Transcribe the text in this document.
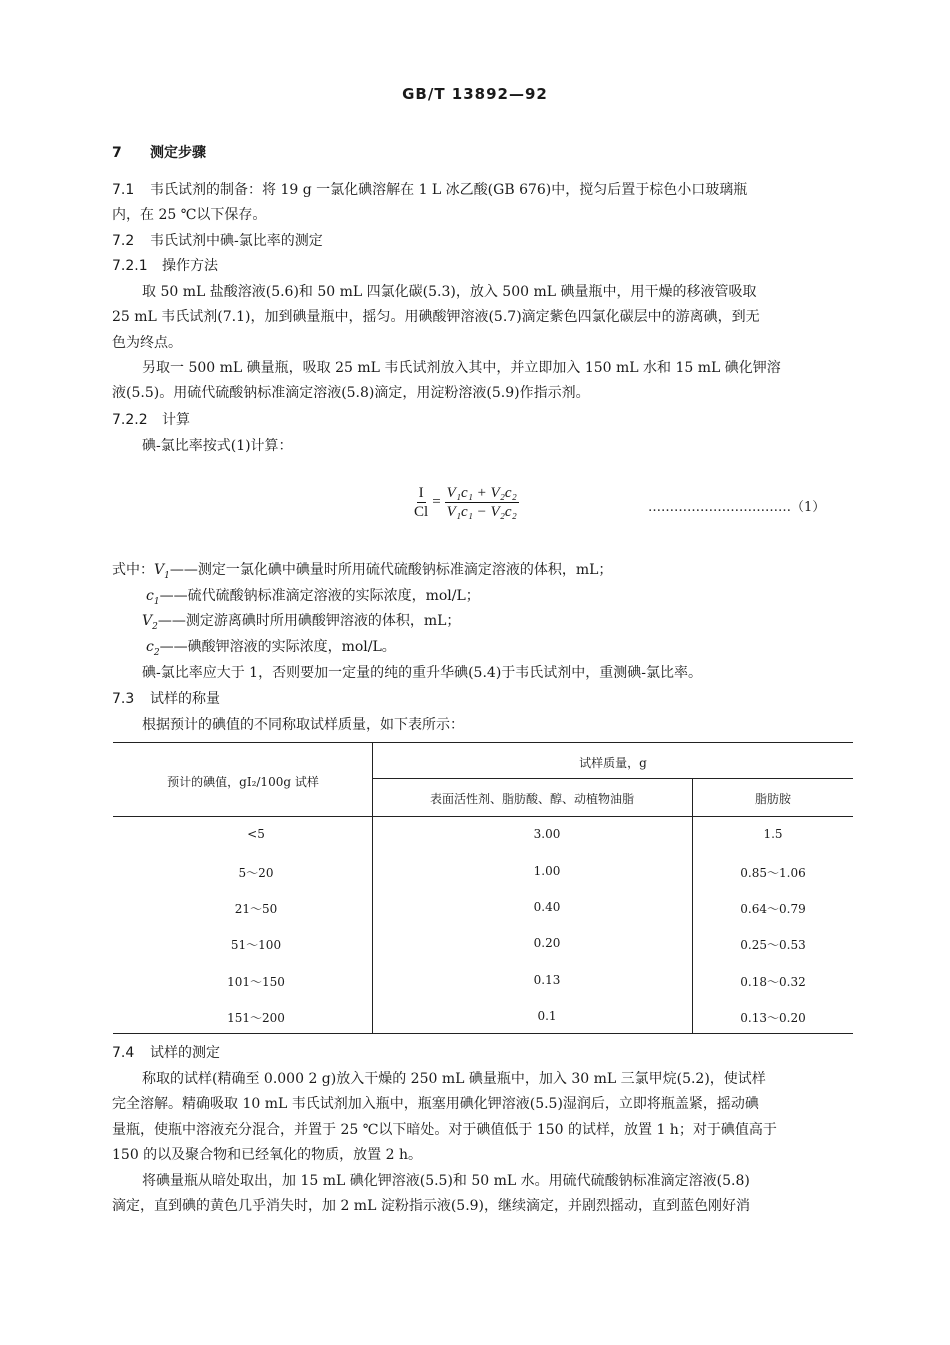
GB/T 13892—92
7 测定步骤
7.1 韦氏试剂的制备：将 19 g 一氯化碘溶解在 1 L 冰乙酸(GB 676)中，搅匀后置于棕色小口玻璃瓶
内，在 25 ℃以下保存。
7.2 韦氏试剂中碘-氯比率的测定
7.2.1 操作方法
取 50 mL 盐酸溶液(5.6)和 50 mL 四氯化碳(5.3)，放入 500 mL 碘量瓶中，用干燥的移液管吸取
25 mL 韦氏试剂(7.1)，加到碘量瓶中，摇匀。用碘酸钾溶液(5.7)滴定紫色四氯化碳层中的游离碘，到无
色为终点。
另取一 500 mL 碘量瓶，吸取 25 mL 韦氏试剂放入其中，并立即加入 150 mL 水和 15 mL 碘化钾溶
液(5.5)。用硫代硫酸钠标准滴定溶液(5.8)滴定，用淀粉溶液(5.9)作指示剂。
7.2.2 计算
碘-氯比率按式(1)计算：
$\frac{I}{Cl} = \frac{\text{V₁c₁ + V₂c₂}}{\text{V₁c₁ − V₂c₂}}$	……………………………（1）
式中：$V_1——$测定一氯化碘中碘量时所用硫代硫酸钠标准滴定溶液的体积，mL；
$c_1——$硫代硫酸钠标准滴定溶液的实际浓度，mol/L；
$V_2——$测定游离碘时所用碘酸钾溶液的体积，mL；
$c_2——$碘酸钾溶液的实际浓度，mol/L。
碘-氯比率应大于 1，否则要加一定量的纯的重升华碘(5.4)于韦氏试剂中，重测碘-氯比率。
7.3 试样的称量
根据预计的碘值的不同称取试样质量，如下表所示：
预计的碘值，gI₂/100g 试样
试样质量，g
表面活性剂、脂肪酸、醇、动植物油脂	脂肪胺
<5	3.00	1.5
5～20	1.00	0.85～1.06
21～50	0.40	0.64～0.79
51～100	0.20	0.25～0.53
101～150	0.13	0.18～0.32
151～200	0.1	0.13～0.20
7.4 试样的测定
称取的试样(精确至 0.000 2 g)放入干燥的 250 mL 碘量瓶中，加入 30 mL 三氯甲烷(5.2)，使试样
完全溶解。精确吸取 10 mL 韦氏试剂加入瓶中，瓶塞用碘化钾溶液(5.5)湿润后，立即将瓶盖紧，摇动碘
量瓶，使瓶中溶液充分混合，并置于 25 ℃以下暗处。对于碘值低于 150 的试样，放置 1 h；对于碘值高于
150 的以及聚合物和已经氧化的物质，放置 2 h。
将碘量瓶从暗处取出，加 15 mL 碘化钾溶液(5.5)和 50 mL 水。用硫代硫酸钠标准滴定溶液(5.8)
滴定，直到碘的黄色几乎消失时，加 2 mL 淀粉指示液(5.9)，继续滴定，并剧烈摇动，直到蓝色刚好消
